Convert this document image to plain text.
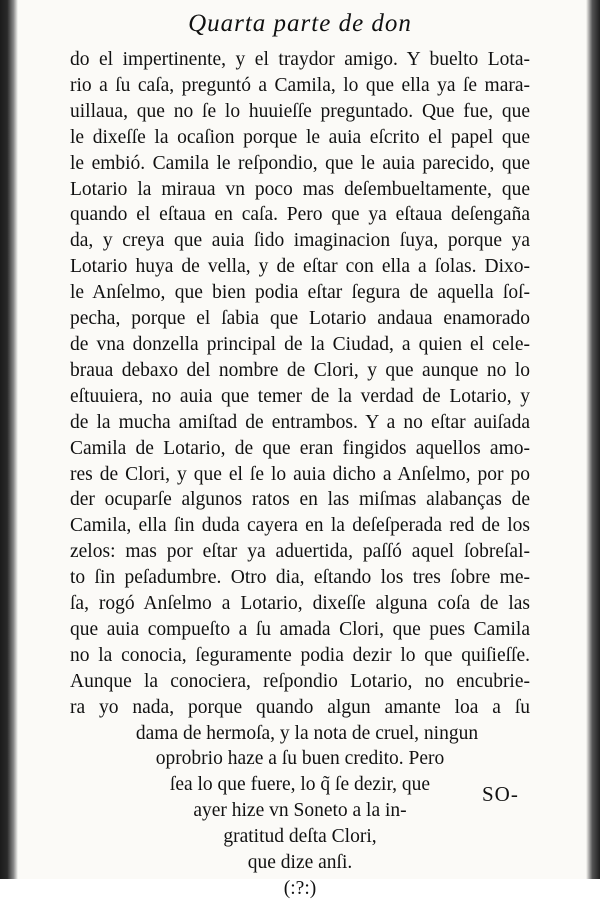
Quarta parte de don
do el impertinente, y el traydor amigo. Y buelto Lota-
rio a ſu caſa, preguntó a Camila, lo que ella ya ſe mara-
uillaua, que no ſe lo huuieſſe preguntado. Que fue, que
le dixeſſe la ocaſion porque le auia eſcrito el papel que
le embió. Camila le reſpondio, que le auia parecido, que
Lotario la miraua vn poco mas deſembueltamente, que
quando el eſtaua en caſa. Pero que ya eſtaua deſengaña
da, y creya que auia ſido imaginacion ſuya, porque ya
Lotario huya de vella, y de eſtar con ella a ſolas. Dixo-
le Anſelmo, que bien podia eſtar ſegura de aquella ſoſ-
pecha, porque el ſabia que Lotario andaua enamorado
de vna donzella principal de la Ciudad, a quien el cele-
braua debaxo del nombre de Clori, y que aunque no lo
eſtuuiera, no auia que temer de la verdad de Lotario, y
de la mucha amiſtad de entrambos. Y a no eſtar auiſada
Camila de Lotario, de que eran fingidos aquellos amo-
res de Clori, y que el ſe lo auia dicho a Anſelmo, por po
der ocuparſe algunos ratos en las miſmas alabanças de
Camila, ella ſin duda cayera en la deſeſperada red de los
zelos: mas por eſtar ya aduertida, paſſó aquel ſobreſal-
to ſin peſadumbre. Otro dia, eſtando los tres ſobre me-
ſa, rogó Anſelmo a Lotario, dixeſſe alguna coſa de las
que auia compueſto a ſu amada Clori, que pues Camila
no la conocia, ſeguramente podia dezir lo que quiſieſſe.
Aunque la conociera, reſpondio Lotario, no encubrie-
ra yo nada, porque quando algun amante loa a ſu
dama de hermoſa, y la nota de cruel, ningun
oprobrio haze a ſu buen credito. Pero
ſea lo que fuere, lo q̃ ſe dezir, que
ayer hize vn Soneto a la in-
gratitud deſta Clori,
que dize anſi.
(:?:)
SO-
